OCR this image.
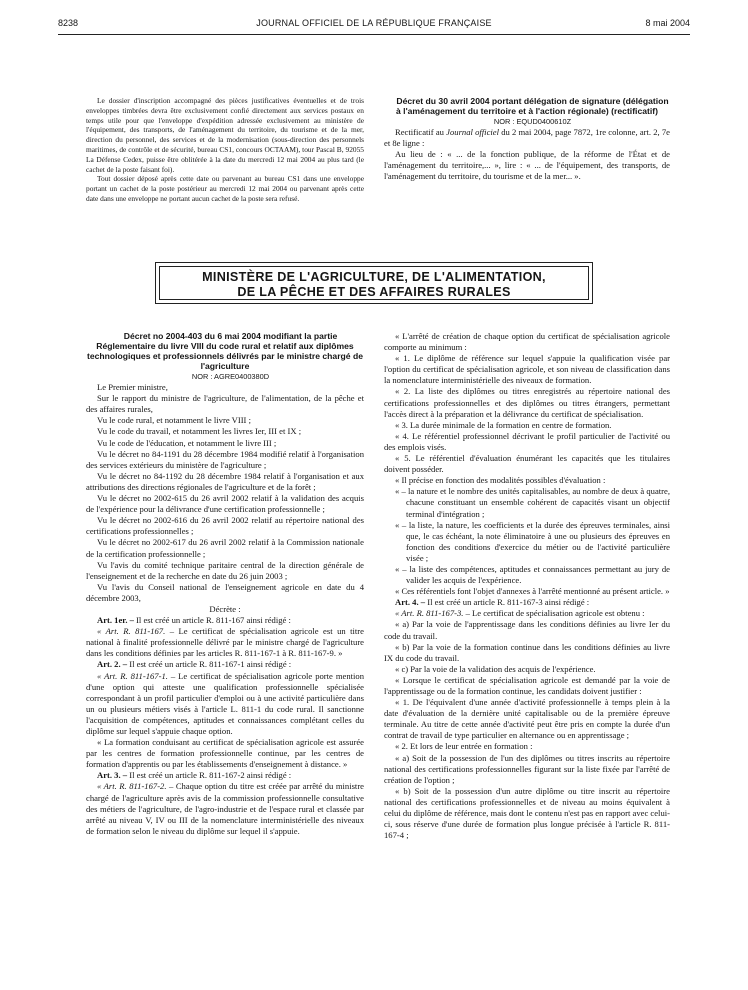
8238	JOURNAL OFFICIEL DE LA RÉPUBLIQUE FRANÇAISE	8 mai 2004

Le dossier d'inscription accompagné des pièces justificatives éventuelles et de trois enveloppes timbrées devra être exclusivement confié directement aux services postaux en temps utile pour que l'enveloppe d'expédition adressée exclusivement au ministère de l'équipement, des transports, de l'aménagement du territoire, du tourisme et de la mer, direction du personnel, des services et de la modernisation (sous-direction des personnels maritimes, de contrôle et de sécurité, bureau CS1, concours OCTAAM), tour Pascal B, 92055 La Défense Cedex, puisse être oblitérée à la date du mercredi 12 mai 2004 au plus tard (le cachet de la poste faisant foi).

Tout dossier déposé après cette date ou parvenant au bureau CS1 dans une enveloppe portant un cachet de la poste postérieur au mercredi 12 mai 2004 ou parvenant après cette date dans une enveloppe ne portant aucun cachet de la poste sera refusé.

Décret du 30 avril 2004 portant délégation de signature (délégation à l'aménagement du territoire et à l'action régionale) (rectificatif)

NOR : EQUD0400610Z

Rectificatif au Journal officiel du 2 mai 2004, page 7872, 1re colonne, art. 2, 7e et 8e ligne :

Au lieu de : « ... de la fonction publique, de la réforme de l'État et de l'aménagement du territoire,... », lire : « ... de l'équipement, des transports, de l'aménagement du territoire, du tourisme et de la mer... ».

MINISTÈRE DE L'AGRICULTURE, DE L'ALIMENTATION,
DE LA PÊCHE ET DES AFFAIRES RURALES

Décret no 2004-403 du 6 mai 2004 modifiant la partie Réglementaire du livre VIII du code rural et relatif aux diplômes technologiques et professionnels délivrés par le ministre chargé de l'agriculture

NOR : AGRE0400380D

Le Premier ministre,

Sur le rapport du ministre de l'agriculture, de l'alimentation, de la pêche et des affaires rurales,

Vu le code rural, et notamment le livre VIII ;

Vu le code du travail, et notamment les livres Ier, III et IX ;

Vu le code de l'éducation, et notamment le livre III ;

Vu le décret no 84-1191 du 28 décembre 1984 modifié relatif à l'organisation des services extérieurs du ministère de l'agriculture ;

Vu le décret no 84-1192 du 28 décembre 1984 relatif à l'organisation et aux attributions des directions régionales de l'agriculture et de la forêt ;

Vu le décret no 2002-615 du 26 avril 2002 relatif à la validation des acquis de l'expérience pour la délivrance d'une certification professionnelle ;

Vu le décret no 2002-616 du 26 avril 2002 relatif au répertoire national des certifications professionnelles ;

Vu le décret no 2002-617 du 26 avril 2002 relatif à la Commission nationale de la certification professionnelle ;

Vu l'avis du comité technique paritaire central de la direction générale de l'enseignement et de la recherche en date du 26 juin 2003 ;

Vu l'avis du Conseil national de l'enseignement agricole en date du 4 décembre 2003,

Décrète :

Art. 1er. – Il est créé un article R. 811-167 ainsi rédigé :

« Art. R. 811-167. – Le certificat de spécialisation agricole est un titre national à finalité professionnelle délivré par le ministre chargé de l'agriculture dans les conditions définies par les articles R. 811-167-1 à R. 811-167-9. »

Art. 2. – Il est créé un article R. 811-167-1 ainsi rédigé :

« Art. R. 811-167-1. – Le certificat de spécialisation agricole porte mention d'une option qui atteste une qualification professionnelle spécialisée correspondant à un profil particulier d'emploi ou à une activité particulière dans un ou plusieurs métiers visés à l'article L. 811-1 du code rural. Il sanctionne l'acquisition de compétences, aptitudes et connaissances complétant celles du diplôme sur lequel s'appuie chaque option.

« La formation conduisant au certificat de spécialisation agricole est assurée par les centres de formation professionnelle continue, par les centres de formation d'apprentis ou par les établissements d'enseignement à distance. »

Art. 3. – Il est créé un article R. 811-167-2 ainsi rédigé :

« Art. R. 811-167-2. – Chaque option du titre est créée par arrêté du ministre chargé de l'agriculture après avis de la commission professionnelle consultative des métiers de l'agriculture, de l'agro-industrie et de l'espace rural et classée par arrêté au niveau V, IV ou III de la nomenclature interministérielle des niveaux de formation selon le niveau du diplôme sur lequel il s'appuie.

« L'arrêté de création de chaque option du certificat de spécialisation agricole comporte au minimum :

« 1. Le diplôme de référence sur lequel s'appuie la qualification visée par l'option du certificat de spécialisation agricole, et son niveau de classification dans la nomenclature interministérielle des niveaux de formation.

« 2. La liste des diplômes ou titres enregistrés au répertoire national des certifications professionnelles et des diplômes ou titres étrangers, permettant l'accès direct à la préparation et la délivrance du certificat de spécialisation.

« 3. La durée minimale de la formation en centre de formation.

« 4. Le référentiel professionnel décrivant le profil particulier de l'activité ou des emplois visés.

« 5. Le référentiel d'évaluation énumérant les capacités que les titulaires doivent posséder.

« Il précise en fonction des modalités possibles d'évaluation :

« – la nature et le nombre des unités capitalisables, au nombre de deux à quatre, chacune constituant un ensemble cohérent de capacités visant un objectif terminal d'intégration ;

« – la liste, la nature, les coefficients et la durée des épreuves terminales, ainsi que, le cas échéant, la note éliminatoire à une ou plusieurs des épreuves en fonction des conditions d'exercice du métier ou de l'activité particulière visée ;

« – la liste des compétences, aptitudes et connaissances permettant au jury de valider les acquis de l'expérience.

« Ces référentiels font l'objet d'annexes à l'arrêté mentionné au présent article. »

Art. 4. – Il est créé un article R. 811-167-3 ainsi rédigé :

« Art. R. 811-167-3. – Le certificat de spécialisation agricole est obtenu :

« a) Par la voie de l'apprentissage dans les conditions définies au livre Ier du code du travail.

« b) Par la voie de la formation continue dans les conditions définies au livre IX du code du travail.

« c) Par la voie de la validation des acquis de l'expérience.

« Lorsque le certificat de spécialisation agricole est demandé par la voie de l'apprentissage ou de la formation continue, les candidats doivent justifier :

« 1. De l'équivalent d'une année d'activité professionnelle à temps plein à la date d'évaluation de la dernière unité capitalisable ou de la première épreuve terminale. Au titre de cette année d'activité peut être pris en compte la durée d'un contrat de travail de type particulier en alternance ou en apprentissage ;

« 2. Et lors de leur entrée en formation :

« a) Soit de la possession de l'un des diplômes ou titres inscrits au répertoire national des certifications professionnelles figurant sur la liste fixée par l'arrêté de création de l'option ;

« b) Soit de la possession d'un autre diplôme ou titre inscrit au répertoire national des certifications professionnelles et de niveau au moins équivalent à celui du diplôme de référence, mais dont le contenu n'est pas en rapport avec celui-ci, sous réserve d'une durée de formation plus longue précisée à l'article R. 811-167-4 ;
